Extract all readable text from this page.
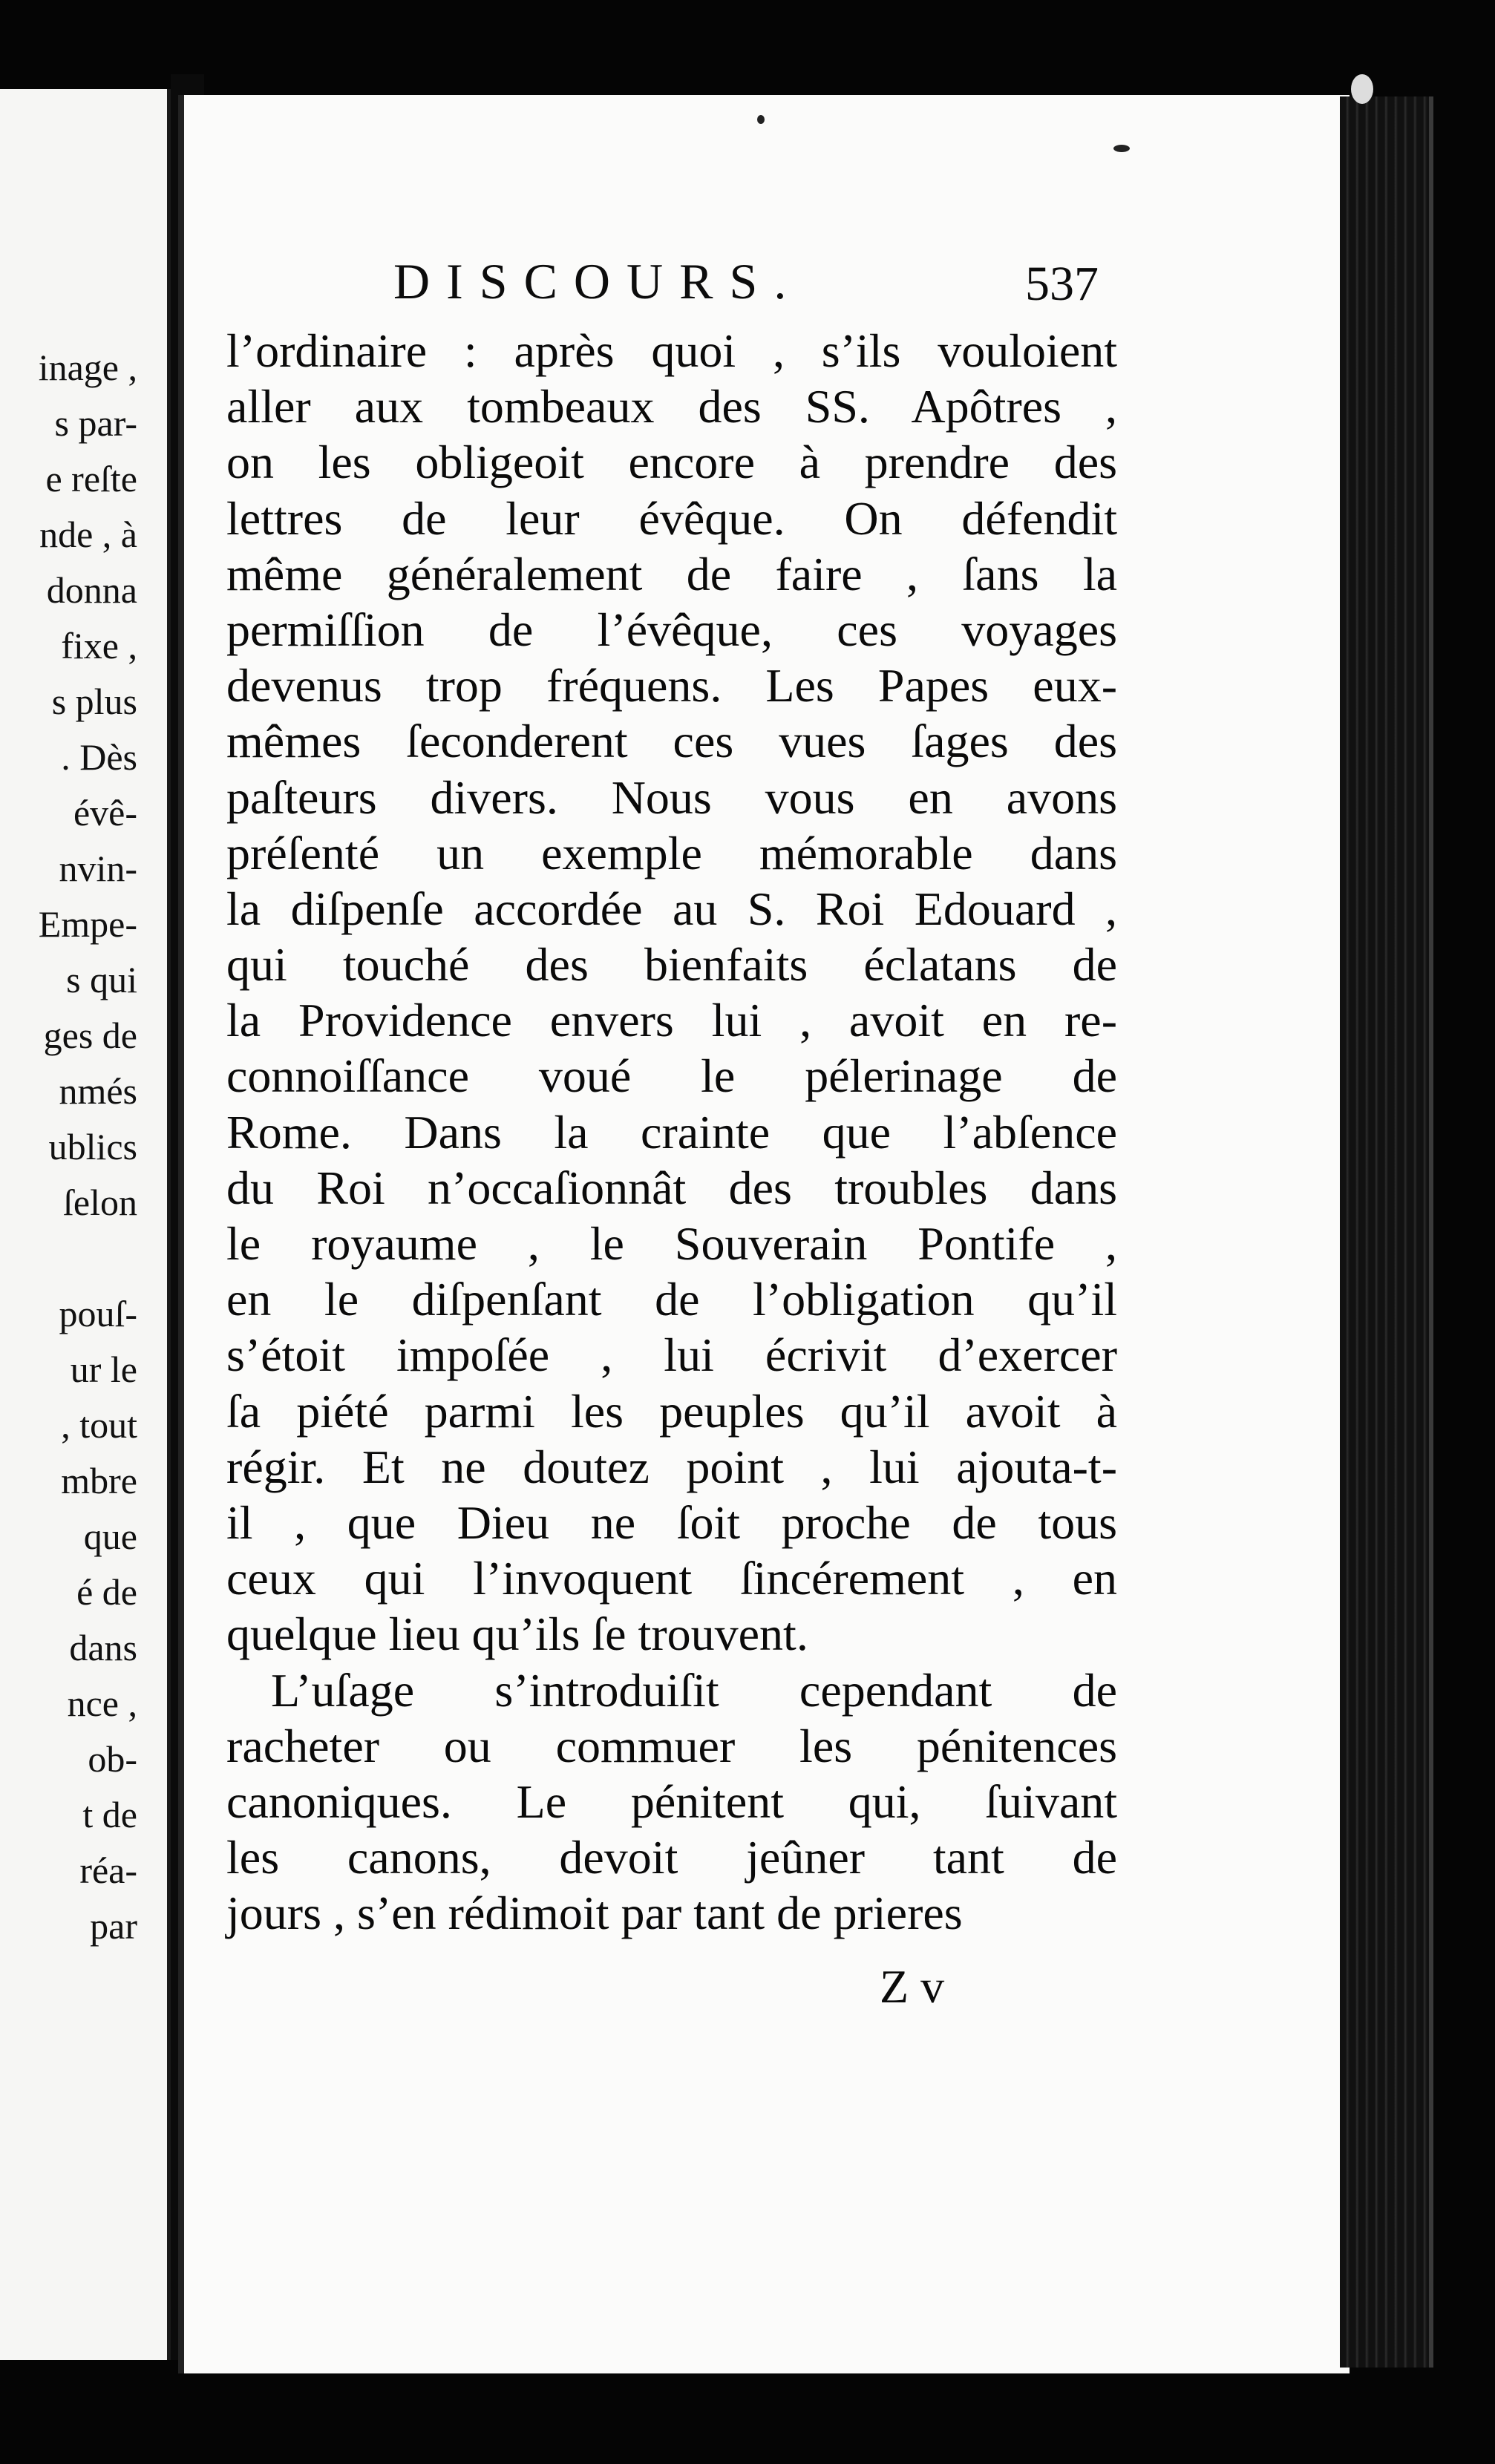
inage ,
s par-
e reſte
nde , à
donna
fixe ,
s plus
. Dès
évê-
nvin-
Empe-
s qui
ges de
nmés
ublics
ſelon
pouſ-
ur le
, tout
mbre
que
é de
dans
nce ,
ob-
t de
réa-
par
DISCOURS.	537
l’ordinaire : après quoi , s’ils vouloient
aller aux tombeaux des SS. Apôtres ,
on les obligeoit encore à prendre des
lettres de leur évêque. On défendit
même généralement de faire , ſans la
permiſſion de l’évêque, ces voyages
devenus trop fréquens. Les Papes eux-
mêmes ſeconderent ces vues ſages des
paſteurs divers. Nous vous en avons
préſenté un exemple mémorable dans
la diſpenſe accordée au S. Roi Edouard ,
qui touché des bienfaits éclatans de
la Providence envers lui , avoit en re-
connoiſſance voué le pélerinage de
Rome. Dans la crainte que l’abſence
du Roi n’occaſionnât des troubles dans
le royaume , le Souverain Pontife ,
en le diſpenſant de l’obligation qu’il
s’étoit impoſée , lui écrivit d’exercer
ſa piété parmi les peuples qu’il avoit à
régir. Et ne doutez point , lui ajouta-t-
il , que Dieu ne ſoit proche de tous
ceux qui l’invoquent ſincérement , en
quelque lieu qu’ils ſe trouvent.
L’uſage s’introduiſit cependant de
racheter ou commuer les pénitences
canoniques. Le pénitent qui, ſuivant
les canons, devoit jeûner tant de
jours , s’en rédimoit par tant de prieres
Z v
